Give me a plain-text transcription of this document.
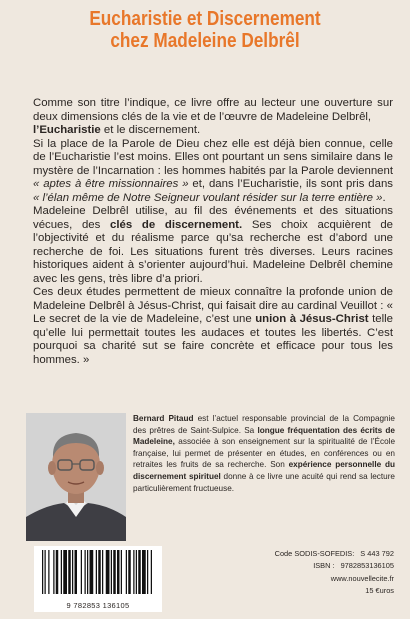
Eucharistie et Discernement
chez Madeleine Delbrêl

Comme son titre l’indique, ce livre offre au lecteur une ouverture sur deux dimensions clés de la vie et de l’œuvre de Madeleine Delbrêl,
l’Eucharistie et le discernement.

Si la place de la Parole de Dieu chez elle est déjà bien connue, celle de l’Eucharistie l’est moins. Elles ont pourtant un sens similaire dans le mystère de l’Incarnation : les hommes habités par la Parole deviennent « aptes à être missionnaires » et, dans l’Eucharistie, ils sont pris dans « l’élan même de Notre Seigneur voulant résider sur la terre entière ».

Madeleine Delbrêl utilise, au fil des événements et des situations vécues, des clés de discernement. Ses choix acquièrent de l’objectivité et du réalisme parce qu’sa recherche est d’abord une recherche de foi. Les situations furent très diverses. Leurs racines historiques aident à s’orienter aujourd’hui. Madeleine Delbrêl chemine avec les gens, très libre d’a priori.

Ces deux études permettent de mieux connaître la profonde union de Madeleine Delbrêl à Jésus-Christ, qui faisait dire au cardinal Veuillot : « Le secret de la vie de Madeleine, c’est une union à Jésus-Christ telle qu’elle lui permettait toutes les audaces et toutes les libertés. C’est pourquoi sa charité sut se faire concrète et efficace pour tous les hommes. »

Bernard Pitaud est l’actuel responsable provincial de la Compagnie des prêtres de Saint-Sulpice. Sa longue fréquentation des écrits de Madeleine, associée à son enseignement sur la spiritualité de l’École française, lui permet de présenter en études, en conférences ou en retraites les fruits de sa recherche. Son expérience personnelle du discernement spirituel donne à ce livre une acuité qui rend sa lecture particulièrement fructueuse.
9 782853 136105
Code SODIS-SOFEDIS: S 443 792
ISBN : 9782853136105
www.nouvellecite.fr
15 €uros
